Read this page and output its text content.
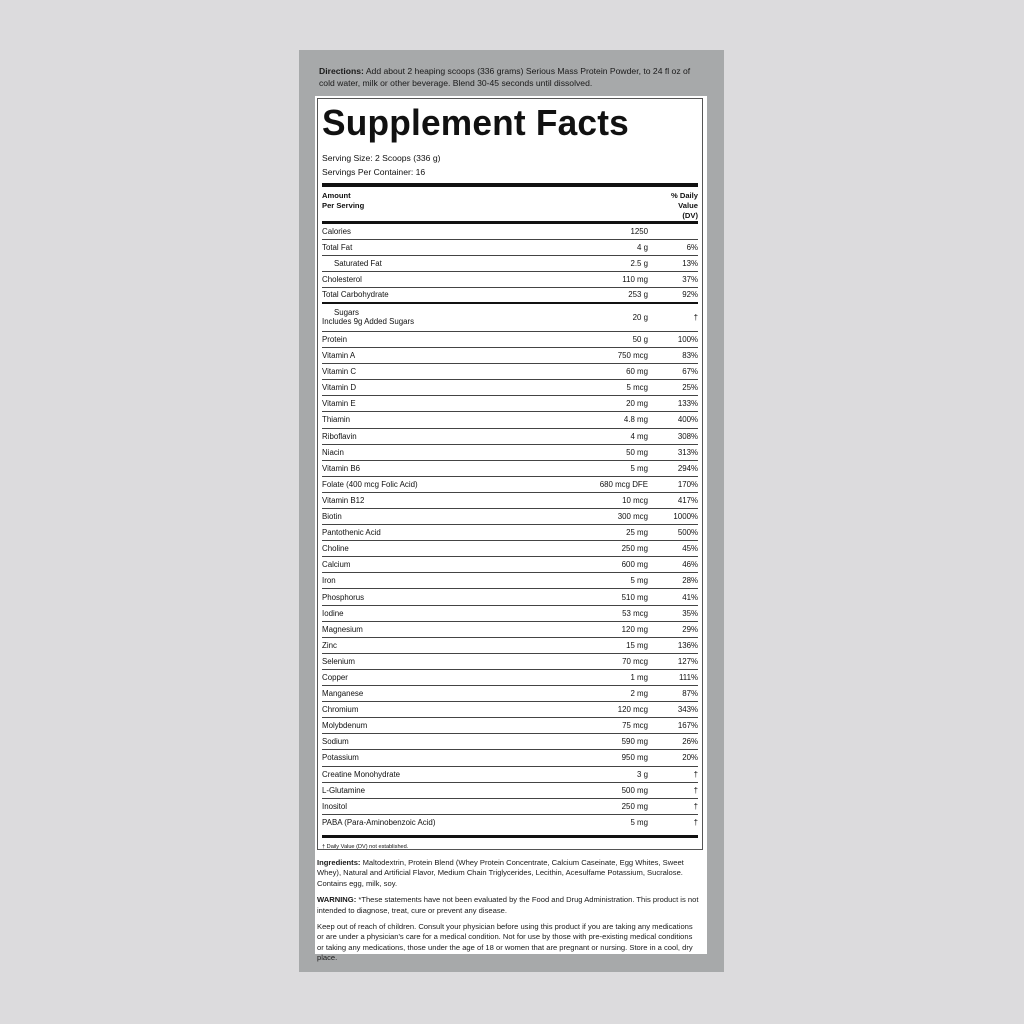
Directions: Add about 2 heaping scoops (336 grams) Serious Mass Protein Powder, to 24 fl oz of cold water, milk or other beverage. Blend 30-45 seconds until dissolved.
Supplement Facts
Serving Size: 2 Scoops (336 g)
Servings Per Container: 16
Amount
Per Serving
% Daily
Value
(DV)
Calories	1250
Total Fat	4 g	6%
Saturated Fat	2.5 g	13%
Cholesterol	110 mg	37%
Total Carbohydrate	253 g	92%
Sugars
Includes 9g Added Sugars	20 g	†
Protein	50 g	100%
Vitamin A	750 mcg	83%
Vitamin C	60 mg	67%
Vitamin D	5 mcg	25%
Vitamin E	20 mg	133%
Thiamin	4.8 mg	400%
Riboflavin	4 mg	308%
Niacin	50 mg	313%
Vitamin B6	5 mg	294%
Folate (400 mcg Folic Acid)	680 mcg DFE	170%
Vitamin B12	10 mcg	417%
Biotin	300 mcg	1000%
Pantothenic Acid	25 mg	500%
Choline	250 mg	45%
Calcium	600 mg	46%
Iron	5 mg	28%
Phosphorus	510 mg	41%
Iodine	53 mcg	35%
Magnesium	120 mg	29%
Zinc	15 mg	136%
Selenium	70 mcg	127%
Copper	1 mg	111%
Manganese	2 mg	87%
Chromium	120 mcg	343%
Molybdenum	75 mcg	167%
Sodium	590 mg	26%
Potassium	950 mg	20%
Creatine Monohydrate	3 g	†
L-Glutamine	500 mg	†
Inositol	250 mg	†
PABA (Para-Aminobenzoic Acid)	5 mg	†
† Daily Value (DV) not established.

Ingredients: Maltodextrin, Protein Blend (Whey Protein Concentrate, Calcium Caseinate, Egg Whites, Sweet Whey), Natural and Artificial Flavor, Medium Chain Triglycerides, Lecithin, Acesulfame Potassium, Sucralose. Contains egg, milk, soy.

WARNING: *These statements have not been evaluated by the Food and Drug Administration. This product is not intended to diagnose, treat, cure or prevent any disease.

Keep out of reach of children. Consult your physician before using this product if you are taking any medications or are under a physician's care for a medical condition. Not for use by those with pre-existing medical conditions or taking any medications, those under the age of 18 or women that are pregnant or nursing. Store in a cool, dry place.
